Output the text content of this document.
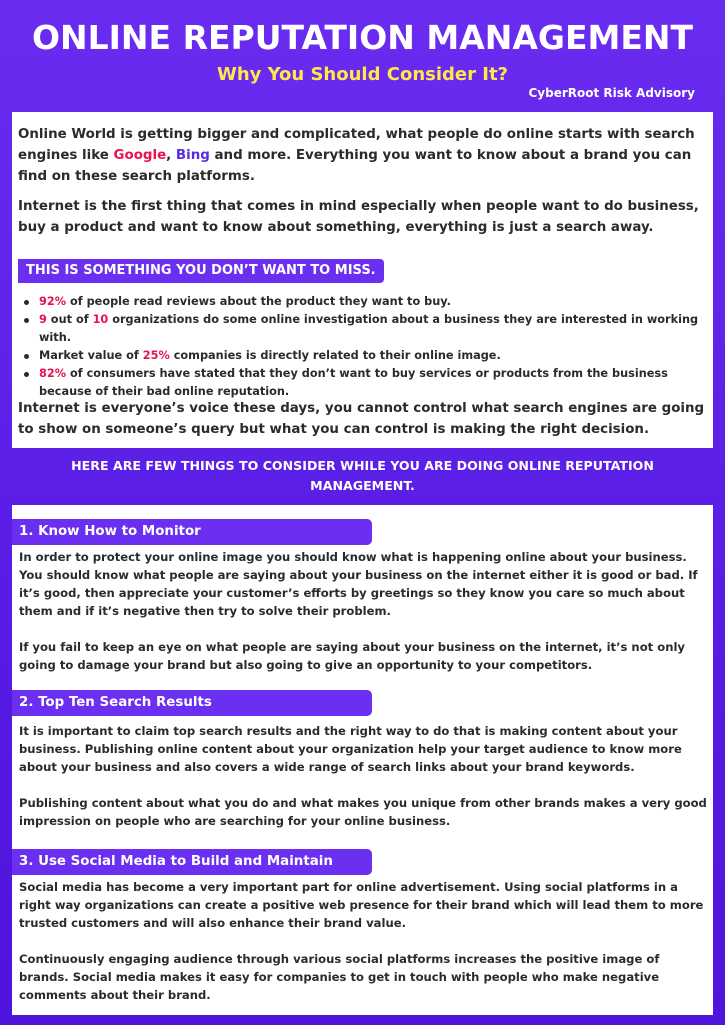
ONLINE REPUTATION MANAGEMENT
Why You Should Consider It?
CyberRoot Risk Advisory

Online World is getting bigger and complicated, what people do online starts with search engines like Google, Bing and more. Everything you want to know about a brand you can find on these search platforms.

Internet is the first thing that comes in mind especially when people want to do business, buy a product and want to know about something, everything is just a search away.

THIS IS SOMETHING YOU DON’T WANT TO MISS.
92% of people read reviews about the product they want to buy.
9 out of 10 organizations do some online investigation about a business they are interested in working with.
Market value of 25% companies is directly related to their online image.
82% of consumers have stated that they don’t want to buy services or products from the business because of their bad online reputation.

Internet is everyone’s voice these days, you cannot control what search engines are going to show on someone’s query but what you can control is making the right decision.

HERE ARE FEW THINGS TO CONSIDER WHILE YOU ARE DOING ONLINE REPUTATION MANAGEMENT.
1. Know How to Monitor

In order to protect your online image you should know what is happening online about your business. You should know what people are saying about your business on the internet either it is good or bad. If it’s good, then appreciate your customer’s efforts by greetings so they know you care so much about them and if it’s negative then try to solve their problem.

If you fail to keep an eye on what people are saying about your business on the internet, it’s not only going to damage your brand but also going to give an opportunity to your competitors.

2. Top Ten Search Results

It is important to claim top search results and the right way to do that is making content about your business. Publishing online content about your organization help your target audience to know more about your business and also covers a wide range of search links about your brand keywords.

Publishing content about what you do and what makes you unique from other brands makes a very good impression on people who are searching for your online business.

3. Use Social Media to Build and Maintain

Social media has become a very important part for online advertisement. Using social platforms in a right way organizations can create a positive web presence for their brand which will lead them to more trusted customers and will also enhance their brand value.

Continuously engaging audience through various social platforms increases the positive image of brands. Social media makes it easy for companies to get in touch with people who make negative comments about their brand.
